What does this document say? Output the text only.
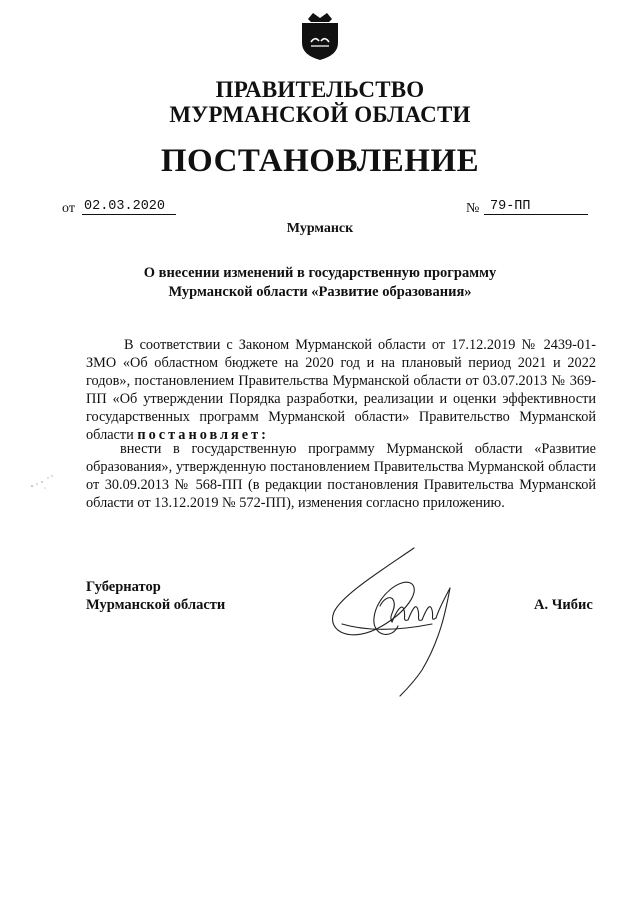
ПРАВИТЕЛЬСТВО
МУРМАНСКОЙ ОБЛАСТИ
ПОСТАНОВЛЕНИЕ
от 02.03.2020	№ 79-ПП
Мурманск
О внесении изменений в государственную программу
Мурманской области «Развитие образования»
В соответствии с Законом Мурманской области от 17.12.2019 № 2439-01-ЗМО «Об областном бюджете на 2020 год и на плановый период 2021 и 2022 годов», постановлением Правительства Мурманской области от 03.07.2013 № 369-ПП «Об утверждении Порядка разработки, реализации и оценки эффективности государственных программ Мурманской области» Правительство Мурманской области постановляет:
внести в государственную программу Мурманской области «Развитие образования», утвержденную постановлением Правительства Мурманской области от 30.09.2013 № 568-ПП (в редакции постановления Правительства Мурманской области от 13.12.2019 № 572-ПП), изменения согласно приложению.
Губернатор
Мурманской области	А. Чибис
